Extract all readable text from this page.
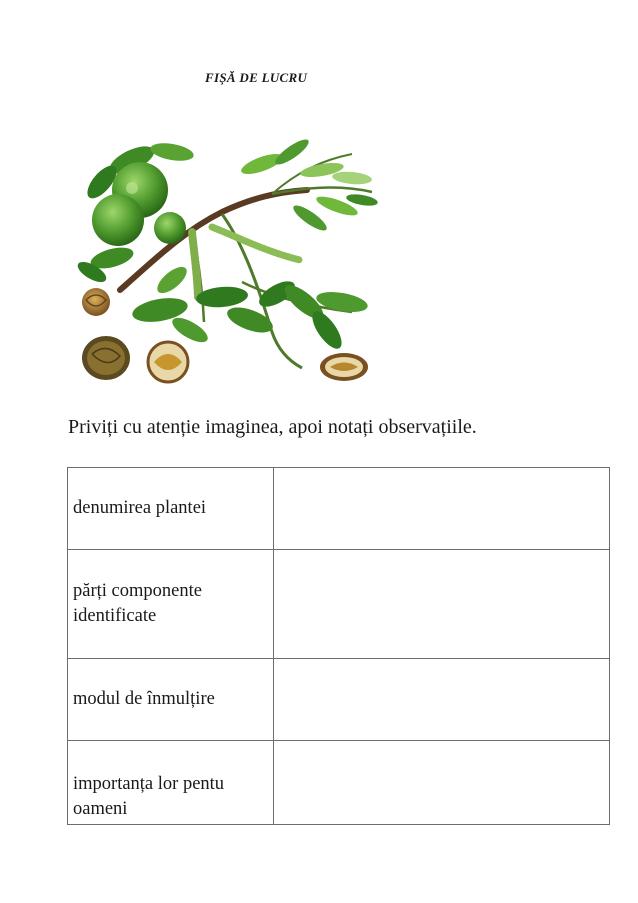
FIȘĂ DE LUCRU
Priviți cu atenție imaginea, apoi notați observațiile.
denumirea plantei	
părți componente identificate	
modul de înmulțire	
importanța lor pentu oameni	
